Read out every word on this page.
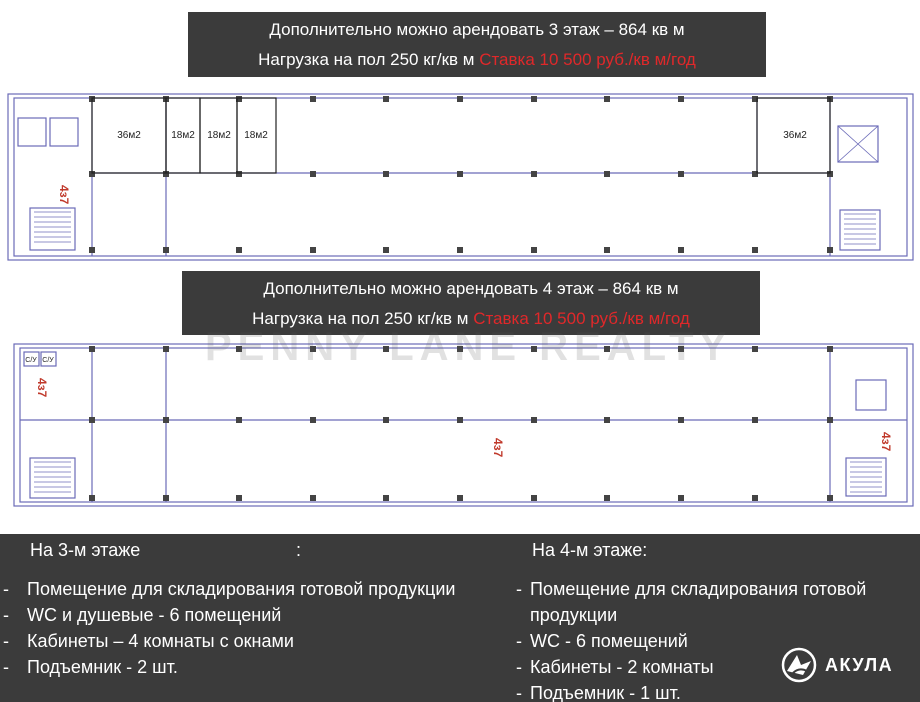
Дополнительно можно арендовать 3 этаж – 864 кв м
Нагрузка на пол 250 кг/кв м Ставка 10 500 руб./кв м/год
36м2	18м2 18м2 18м2	36м2
4з7
Дополнительно можно арендовать 4 этаж – 864 кв м
Нагрузка на пол 250 кг/кв м Ставка 10 500 руб./кв м/год
С/У С/У
4з7
4з7	4з7
PENNY LANE REALTY
На 3-м этаже	:	На 4-м этаже:
- Помещение для складирования готовой продукции
- WC и душевые - 6 помещений
- Кабинеты – 4 комнаты с окнами
- Подъемник - 2 шт.
- Помещение для складирования готовой продукции
- WC - 6 помещений
- Кабинеты - 2 комнаты
- Подъемник - 1 шт.
АКУЛА
